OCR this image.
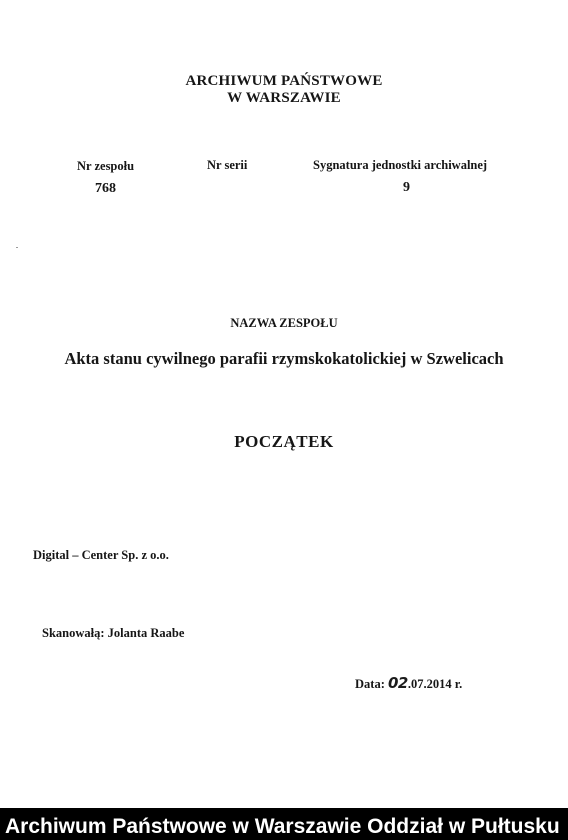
ARCHIWUM PAŃSTWOWE

W WARSZAWIE

Nr zespołu

768

Nr serii	Sygnatura jednostki archiwalnej

9

NAZWA ZESPOŁU

Akta stanu cywilnego parafii rzymskokatolickiej w Szwelicach

POCZĄTEK

Digital – Center Sp. z o.o.

Skanowałą: Jolanta Raabe

Data: 02.07.2014 r.

Archiwum Państwowe w Warszawie Oddział w Pułtusku
